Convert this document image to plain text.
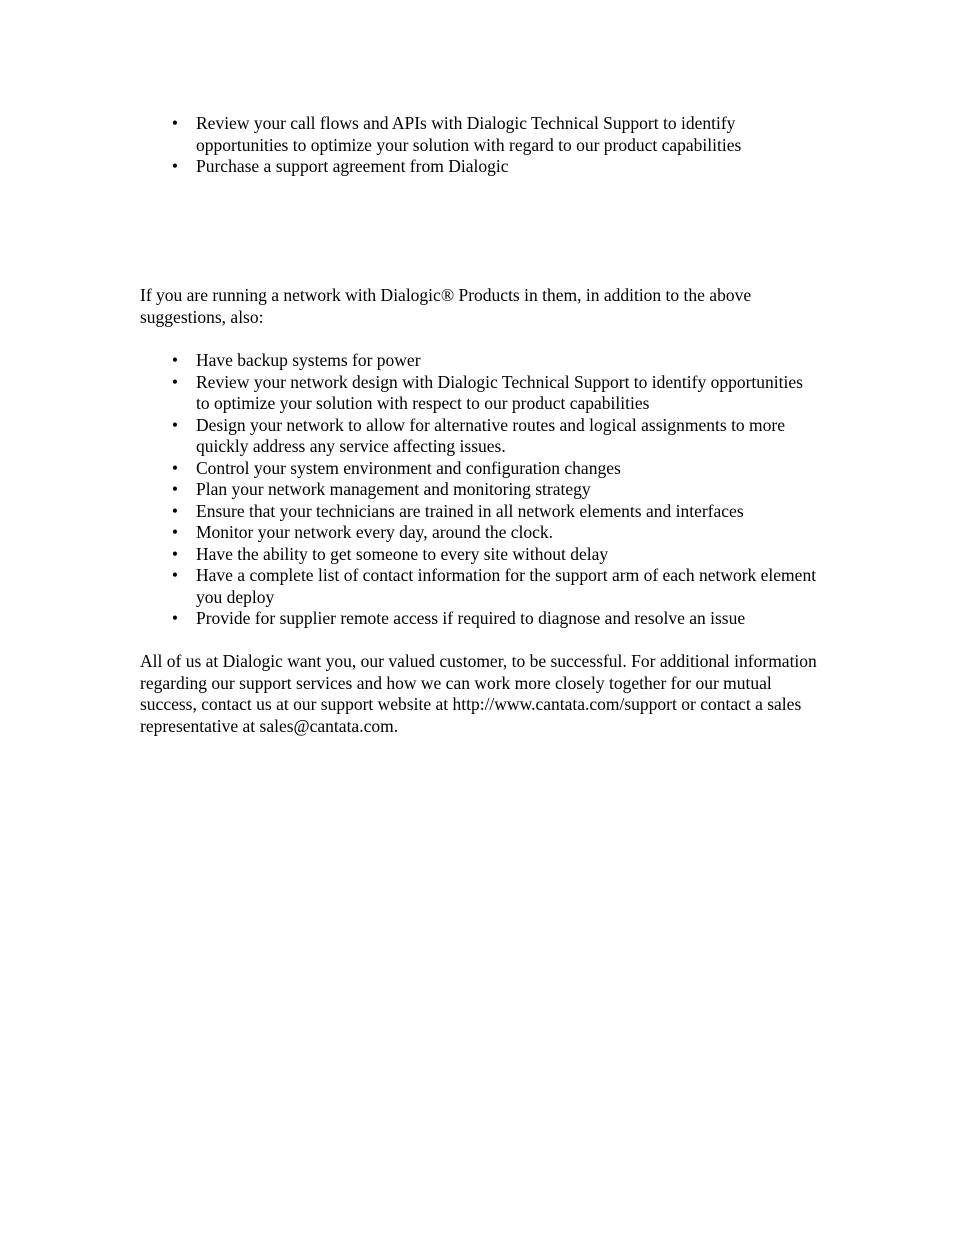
• Review your call flows and APIs with Dialogic Technical Support to identify opportunities to optimize your solution with regard to our product capabilities
• Purchase a support agreement from Dialogic

If you are running a network with Dialogic® Products in them, in addition to the above suggestions, also:

• Have backup systems for power
• Review your network design with Dialogic Technical Support to identify opportunities to optimize your solution with respect to our product capabilities
• Design your network to allow for alternative routes and logical assignments to more quickly address any service affecting issues.
• Control your system environment and configuration changes
• Plan your network management and monitoring strategy
• Ensure that your technicians are trained in all network elements and interfaces
• Monitor your network every day, around the clock.
• Have the ability to get someone to every site without delay
• Have a complete list of contact information for the support arm of each network element you deploy
• Provide for supplier remote access if required to diagnose and resolve an issue

All of us at Dialogic want you, our valued customer, to be successful. For additional information regarding our support services and how we can work more closely together for our mutual success, contact us at our support website at http://www.cantata.com/support or contact a sales representative at sales@cantata.com.
